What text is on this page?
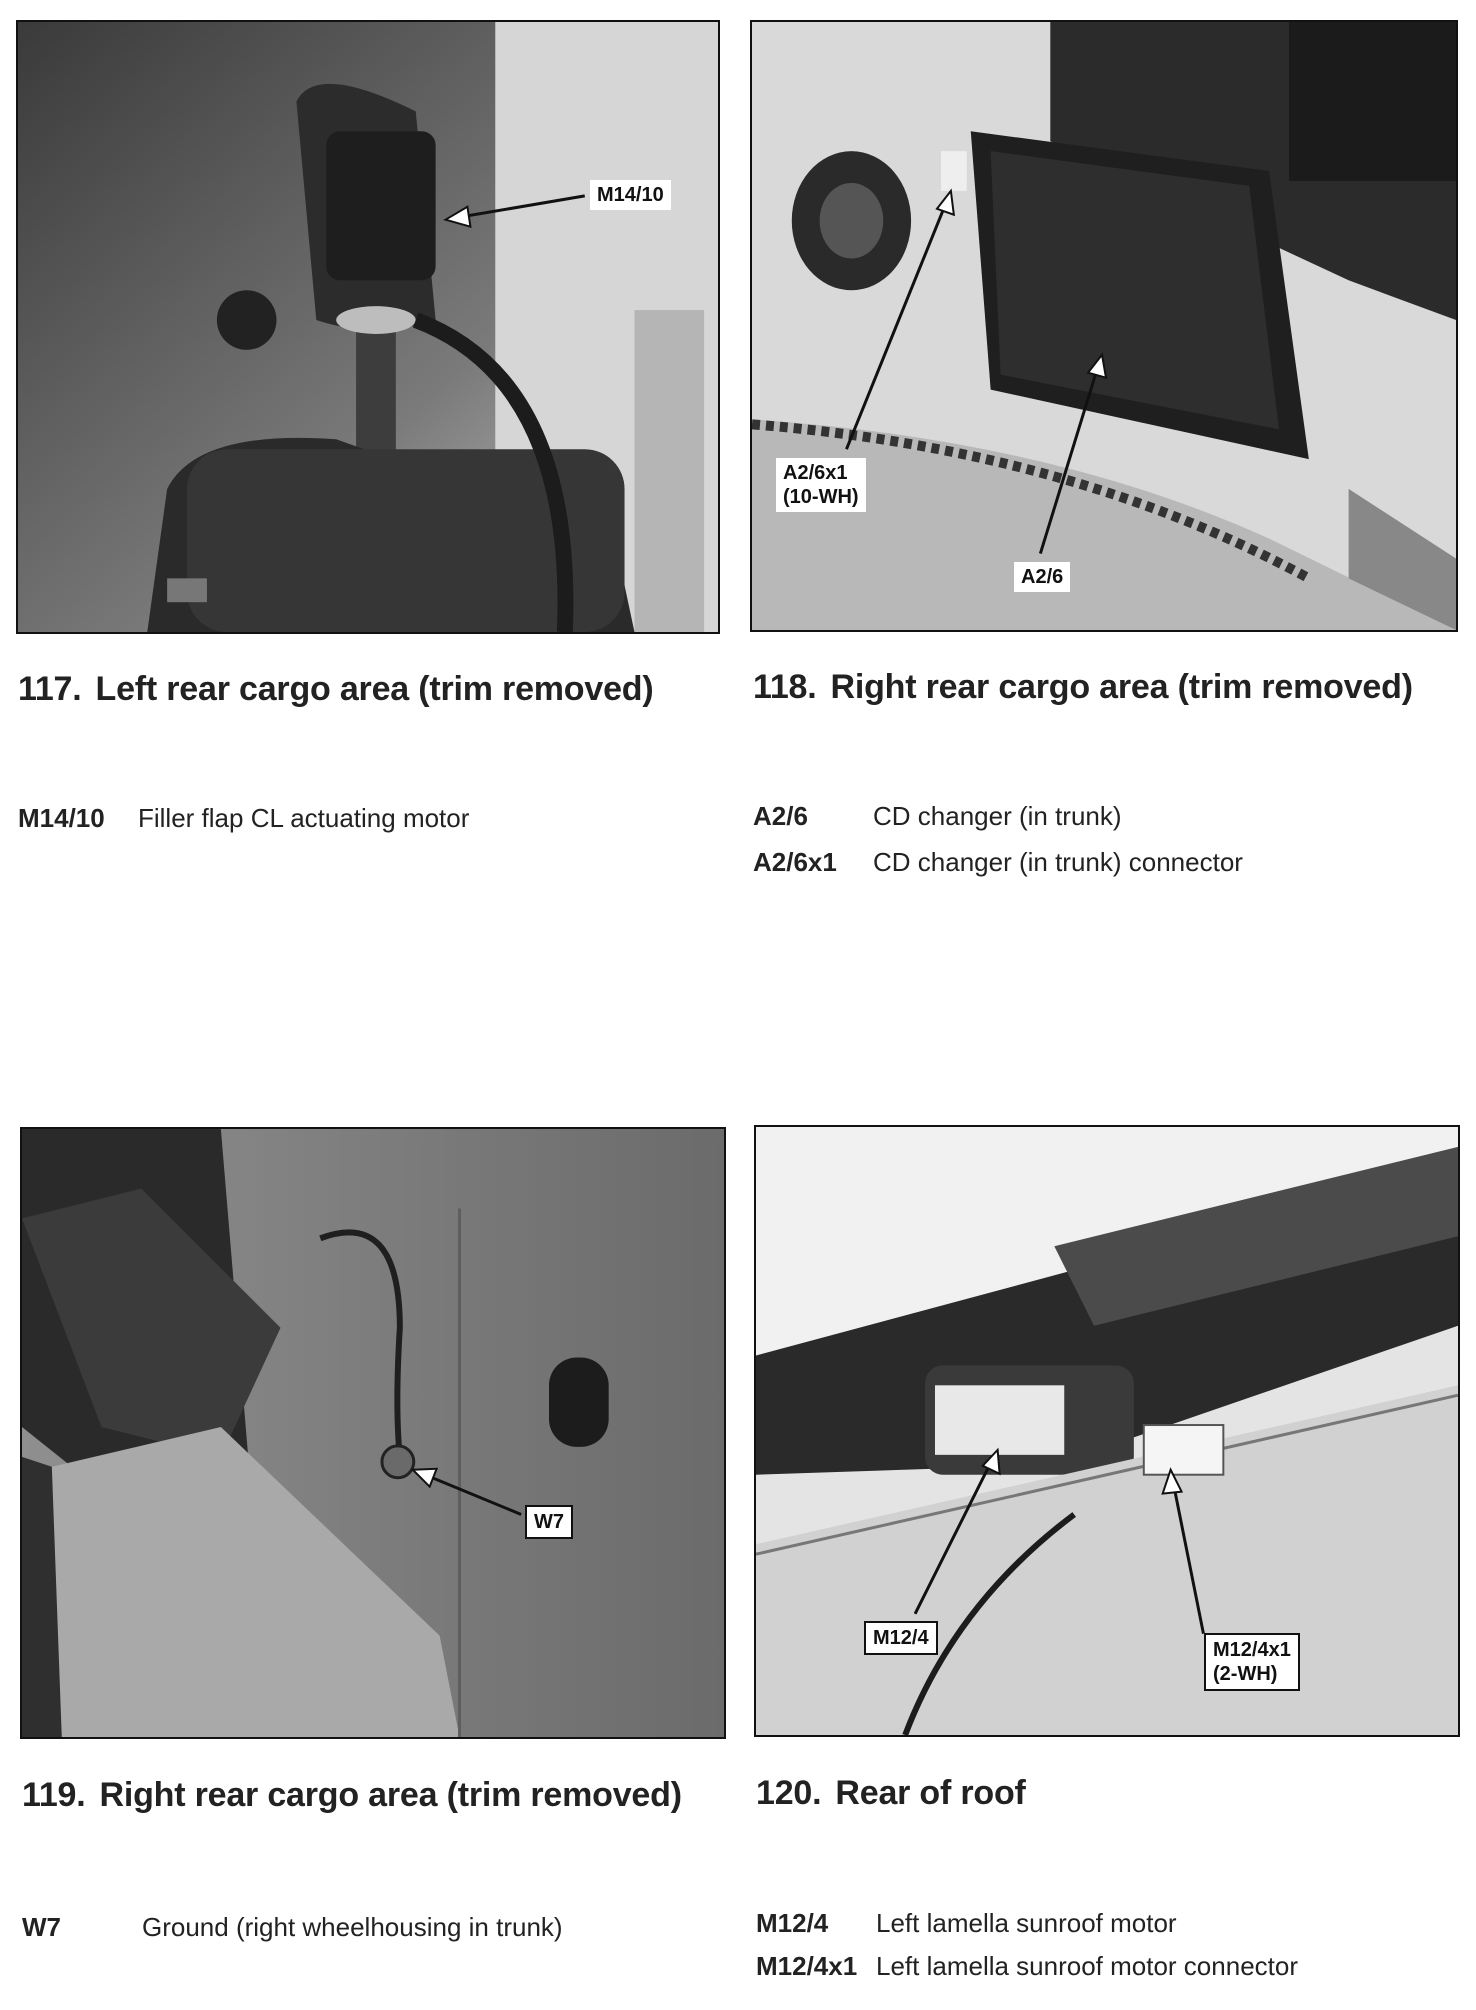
M14/10
117. Left rear cargo area (trim removed)
M14/10	Filler flap CL actuating motor
A2/6x1
(10-WH)
A2/6
118. Right rear cargo area (trim removed)
A2/6	CD changer (in trunk)
A2/6x1	CD changer (in trunk) connector
W7
119. Right rear cargo area (trim removed)
W7	Ground (right wheelhousing in trunk)
M12/4
M12/4x1
(2-WH)
120. Rear of roof
M12/4	Left lamella sunroof motor
M12/4x1 Left lamella sunroof motor connector
